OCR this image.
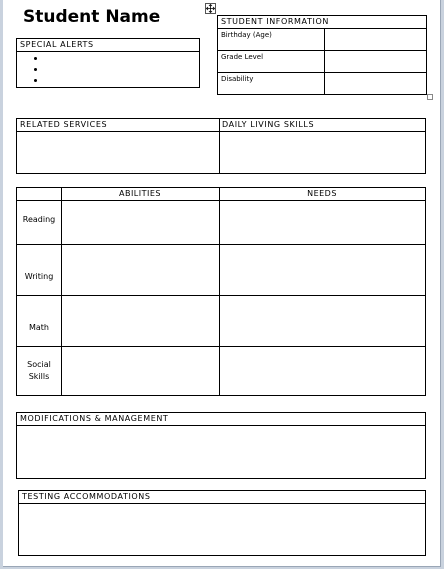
Student Name
SPECIAL ALERTS
STUDENT INFORMATION
Birthday (Age)
Grade Level
Disability
RELATED SERVICES	DAILY LIVING SKILLS
ABILITIES	NEEDS
Reading
Writing
Math
Social Skills
MODIFICATIONS & MANAGEMENT
TESTING ACCOMMODATIONS
